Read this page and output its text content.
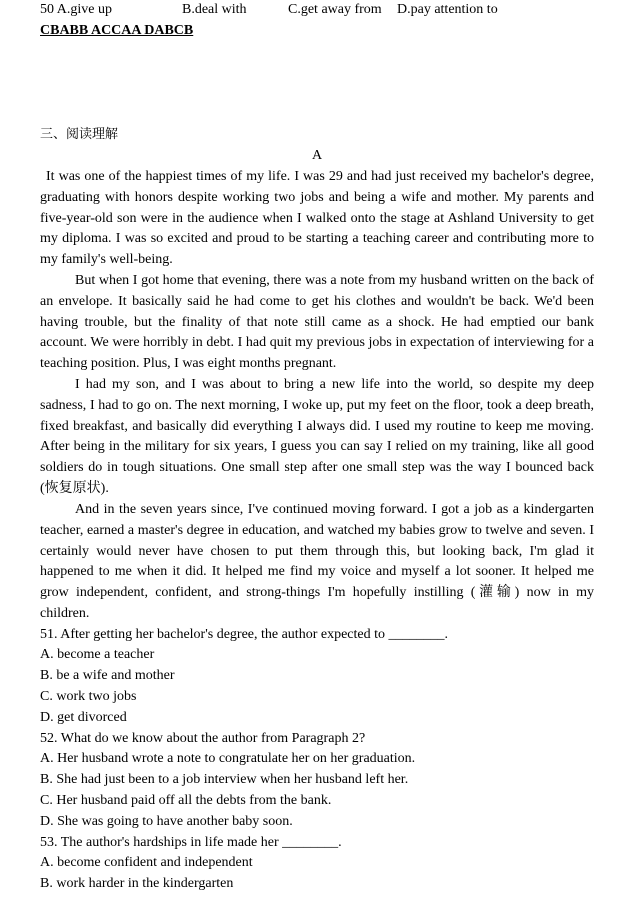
50 A.give up	B.deal with	C.get away from D.pay attention to
CBABB ACCAA DABCB
三、阅读理解
A

It was one of the happiest times of my life. I was 29 and had just received my bachelor's degree, graduating with honors despite working two jobs and being a wife and mother. My parents and five-year-old son were in the audience when I walked onto the stage at Ashland University to get my diploma. I was so excited and proud to be starting a teaching career and contributing more to my family's well-being.

But when I got home that evening, there was a note from my husband written on the back of an envelope. It basically said he had come to get his clothes and wouldn't be back. We'd been having trouble, but the finality of that note still came as a shock. He had emptied our bank account. We were horribly in debt. I had quit my previous jobs in expectation of interviewing for a teaching position. Plus, I was eight months pregnant.

I had my son, and I was about to bring a new life into the world, so despite my deep sadness, I had to go on. The next morning, I woke up, put my feet on the floor, took a deep breath, fixed breakfast, and basically did everything I always did. I used my routine to keep me moving. After being in the military for six years, I guess you can say I relied on my training, like all good soldiers do in tough situations. One small step after one small step was the way I bounced back (恢复原状).

And in the seven years since, I've continued moving forward. I got a job as a kindergarten teacher, earned a master's degree in education, and watched my babies grow to twelve and seven. I certainly would never have chosen to put them through this, but looking back, I'm glad it happened to me when it did. It helped me find my voice and myself a lot sooner. It helped me grow independent, confident, and strong-things I'm hopefully instilling (灌输) now in my children.

51. After getting her bachelor's degree, the author expected to ________.
A. become a teacher
B. be a wife and mother
C. work two jobs
D. get divorced
52. What do we know about the author from Paragraph 2?
A. Her husband wrote a note to congratulate her on her graduation.
B. She had just been to a job interview when her husband left her.
C. Her husband paid off all the debts from the bank.
D. She was going to have another baby soon.
53. The author's hardships in life made her ________.
A. become confident and independent
B. work harder in the kindergarten
